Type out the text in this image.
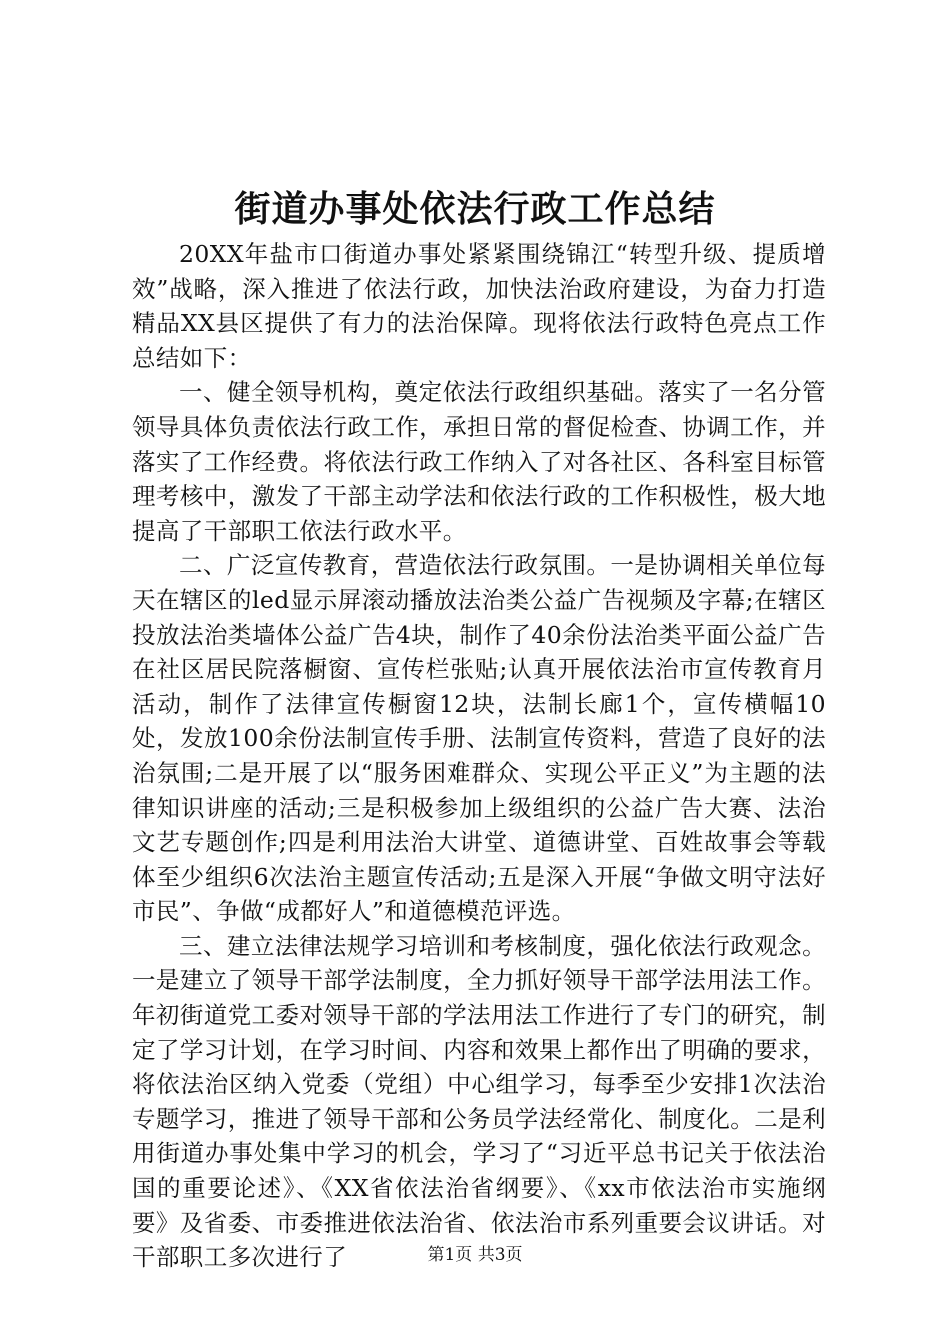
街道办事处依法行政工作总结

20XX年盐市口街道办事处紧紧围绕锦江“转型升级、提质增效”战略，深入推进了依法行政，加快法治政府建设，为奋力打造精品XX县区提供了有力的法治保障。现将依法行政特色亮点工作总结如下：

一、健全领导机构，奠定依法行政组织基础。落实了一名分管领导具体负责依法行政工作，承担日常的督促检查、协调工作，并落实了工作经费。将依法行政工作纳入了对各社区、各科室目标管理考核中，激发了干部主动学法和依法行政的工作积极性，极大地提高了干部职工依法行政水平。

二、广泛宣传教育，营造依法行政氛围。一是协调相关单位每天在辖区的led显示屏滚动播放法治类公益广告视频及字幕;在辖区投放法治类墙体公益广告4块，制作了40余份法治类平面公益广告在社区居民院落橱窗、宣传栏张贴;认真开展依法治市宣传教育月活动，制作了法律宣传橱窗12块，法制长廊1个，宣传横幅10处，发放100余份法制宣传手册、法制宣传资料，营造了良好的法治氛围;二是开展了以“服务困难群众、实现公平正义”为主题的法律知识讲座的活动;三是积极参加上级组织的公益广告大赛、法治文艺专题创作;四是利用法治大讲堂、道德讲堂、百姓故事会等载体至少组织6次法治主题宣传活动;五是深入开展“争做文明守法好市民”、争做“成都好人”和道德模范评选。

三、建立法律法规学习培训和考核制度，强化依法行政观念。一是建立了领导干部学法制度，全力抓好领导干部学法用法工作。年初街道党工委对领导干部的学法用法工作进行了专门的研究，制定了学习计划，在学习时间、内容和效果上都作出了明确的要求，将依法治区纳入党委（党组）中心组学习，每季至少安排1次法治专题学习，推进了领导干部和公务员学法经常化、制度化。二是利用街道办事处集中学习的机会，学习了“习近平总书记关于依法治国的重要论述》、《XX省依法治省纲要》、《xx市依法治市实施纲要》及省委、市委推进依法治省、依法治市系列重要会议讲话。对干部职工多次进行了	第1页 共3页
